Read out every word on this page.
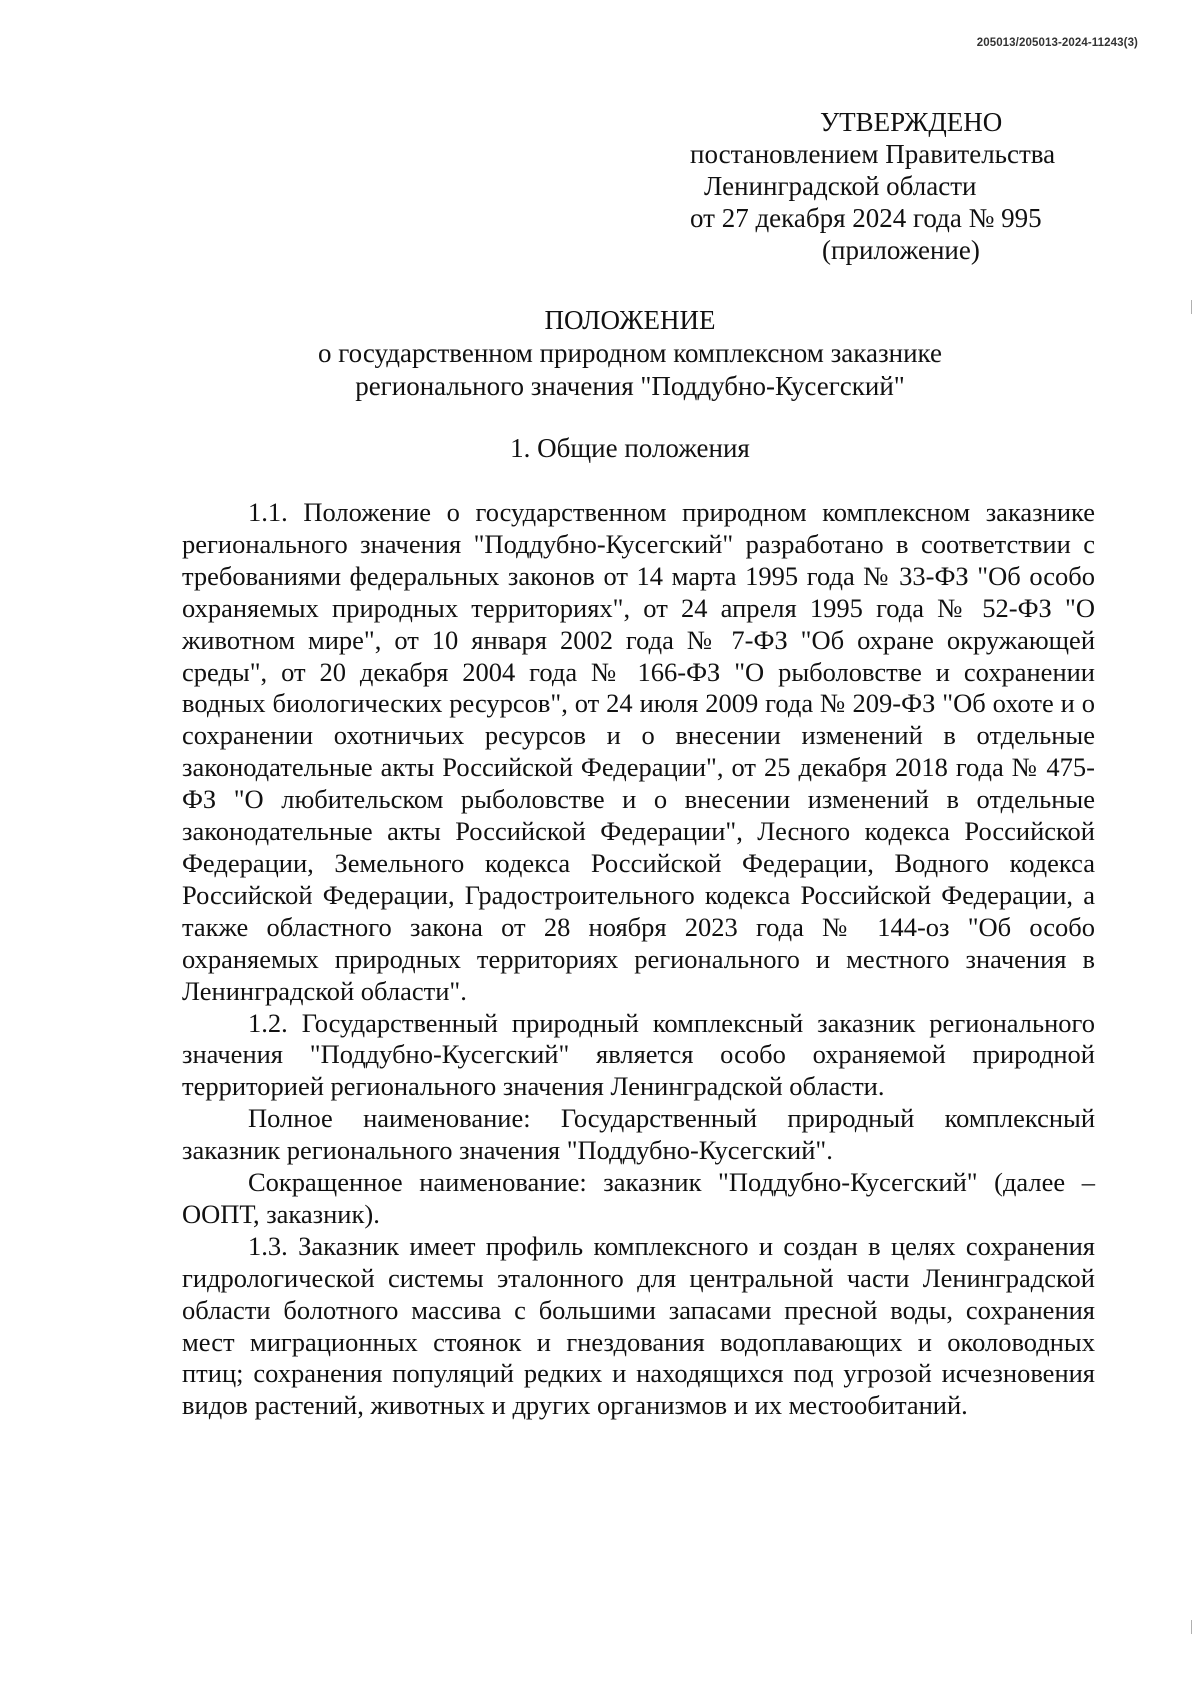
205013/205013-2024-11243(3)
УТВЕРЖДЕНО
постановлением Правительства
Ленинградской области
от 27 декабря 2024 года № 995
(приложение)
ПОЛОЖЕНИЕ
о государственном природном комплексном заказнике
регионального значения "Поддубно-Кусегский"
1. Общие положения

1.1. Положение о государственном природном комплексном заказнике регионального значения "Поддубно-Кусегский" разработано в соответствии с требованиями федеральных законов от 14 марта 1995 года № 33-ФЗ "Об особо охраняемых природных территориях", от 24 апреля 1995 года № 52-ФЗ "О животном мире", от 10 января 2002 года № 7-ФЗ "Об охране окружающей среды", от 20 декабря 2004 года № 166-ФЗ "О рыболовстве и сохранении водных биологических ресурсов", от 24 июля 2009 года № 209-ФЗ "Об охоте и о сохранении охотничьих ресурсов и о внесении изменений в отдельные законодательные акты Российской Федерации", от 25 декабря 2018 года № 475-ФЗ "О любительском рыболовстве и о внесении изменений в отдельные законодательные акты Российской Федерации", Лесного кодекса Российской Федерации, Земельного кодекса Российской Федерации, Водного кодекса Российской Федерации, Градостроительного кодекса Российской Федерации, а также областного закона от 28 ноября 2023 года № 144-оз "Об особо охраняемых природных территориях регионального и местного значения в Ленинградской области".

1.2. Государственный природный комплексный заказник регионального значения "Поддубно-Кусегский" является особо охраняемой природной территорией регионального значения Ленинградской области.

Полное наименование: Государственный природный комплексный заказник регионального значения "Поддубно-Кусегский".

Сокращенное наименование: заказник "Поддубно-Кусегский" (далее – ООПТ, заказник).

1.3. Заказник имеет профиль комплексного и создан в целях сохранения гидрологической системы эталонного для центральной части Ленинградской области болотного массива с большими запасами пресной воды, сохранения мест миграционных стоянок и гнездования водоплавающих и околоводных птиц; сохранения популяций редких и находящихся под угрозой исчезновения видов растений, животных и других организмов и их местообитаний.
